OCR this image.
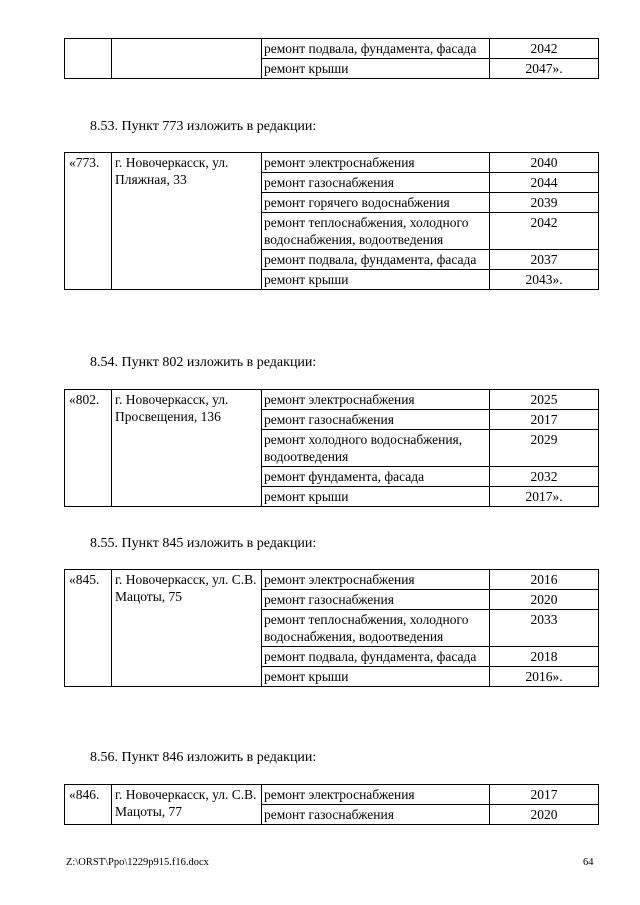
		ремонт подвала, фундамента, фасада	2042
		ремонт крыши	2047».
8.53. Пункт 773 изложить в редакции:
«773.	г. Новочеркасск, ул. Пляжная, 33	ремонт электроснабжения	2040
		ремонт газоснабжения	2044
		ремонт горячего водоснабжения	2039
		ремонт теплоснабжения, холодного водоснабжения, водоотведения	2042
		ремонт подвала, фундамента, фасада	2037
		ремонт крыши	2043».
8.54. Пункт 802 изложить в редакции:
«802.	г. Новочеркасск, ул. Просвещения, 136	ремонт электроснабжения	2025
		ремонт газоснабжения	2017
		ремонт холодного водоснабжения, водоотведения	2029
		ремонт фундамента, фасада	2032
		ремонт крыши	2017».
8.55. Пункт 845 изложить в редакции:
«845.	г. Новочеркасск, ул. С.В. Мацоты, 75	ремонт электроснабжения	2016
		ремонт газоснабжения	2020
		ремонт теплоснабжения, холодного водоснабжения, водоотведения	2033
		ремонт подвала, фундамента, фасада	2018
		ремонт крыши	2016».
8.56. Пункт 846 изложить в редакции:
«846.	г. Новочеркасск, ул. С.В. Мацоты, 77	ремонт электроснабжения	2017
		ремонт газоснабжения	2020
Z:\ORST\Ppo\1229p915.f16.docx	64
